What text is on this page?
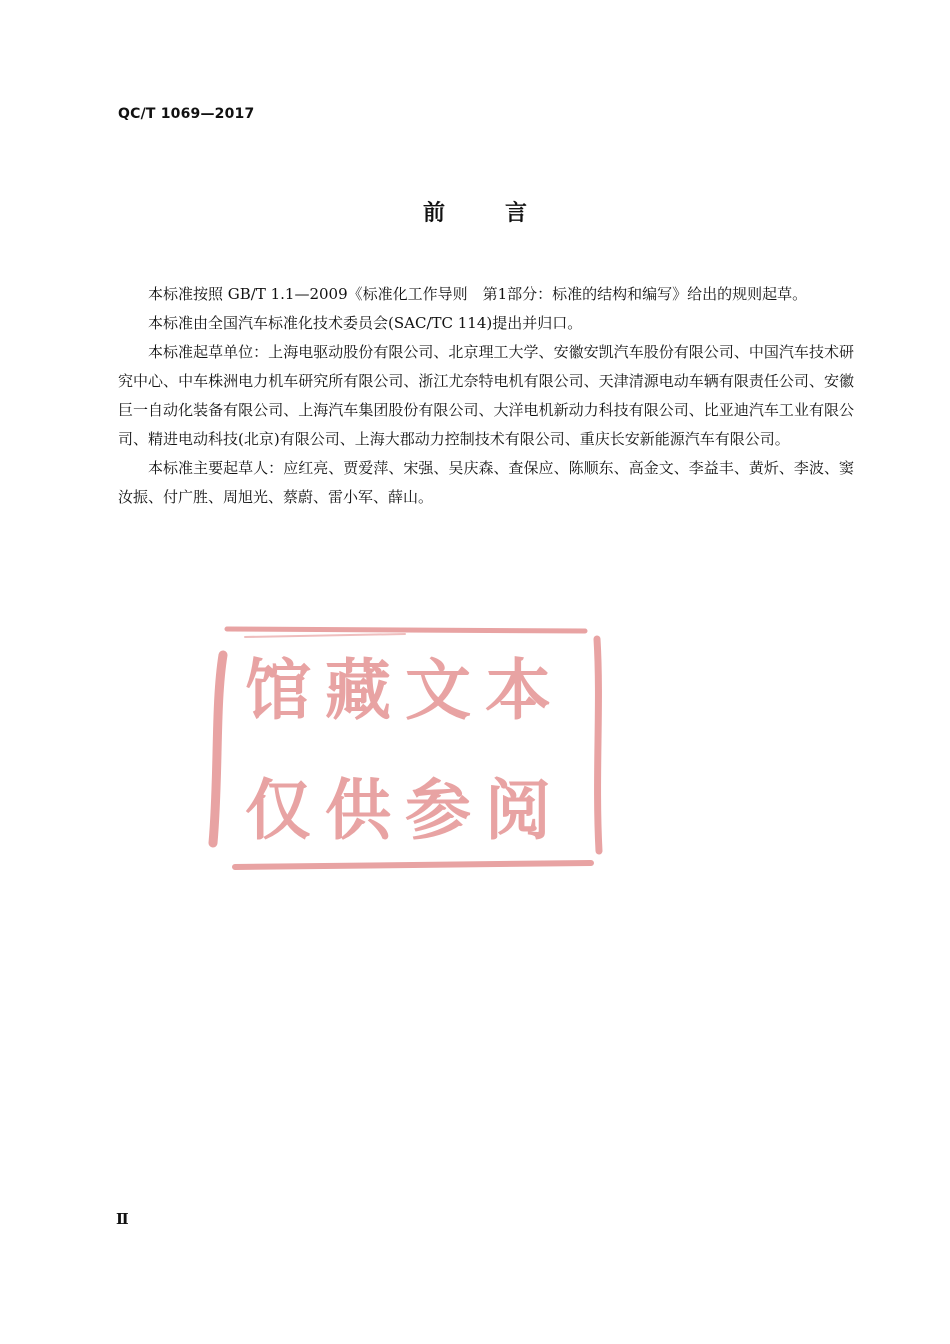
QC/T 1069—2017
前言

本标准按照 GB/T 1.1—2009《标准化工作导则　第1部分：标准的结构和编写》给出的规则起草。

本标准由全国汽车标准化技术委员会(SAC/TC 114)提出并归口。

本标准起草单位：上海电驱动股份有限公司、北京理工大学、安徽安凯汽车股份有限公司、中国汽车技术研究中心、中车株洲电力机车研究所有限公司、浙江尤奈特电机有限公司、天津清源电动车辆有限责任公司、安徽巨一自动化装备有限公司、上海汽车集团股份有限公司、大洋电机新动力科技有限公司、比亚迪汽车工业有限公司、精进电动科技(北京)有限公司、上海大郡动力控制技术有限公司、重庆长安新能源汽车有限公司。

本标准主要起草人：应红亮、贾爱萍、宋强、吴庆森、查保应、陈顺东、高金文、李益丰、黄炘、李波、窦汝振、付广胜、周旭光、蔡蔚、雷小军、薛山。

馆藏文本
仅供参阅
Ⅱ
